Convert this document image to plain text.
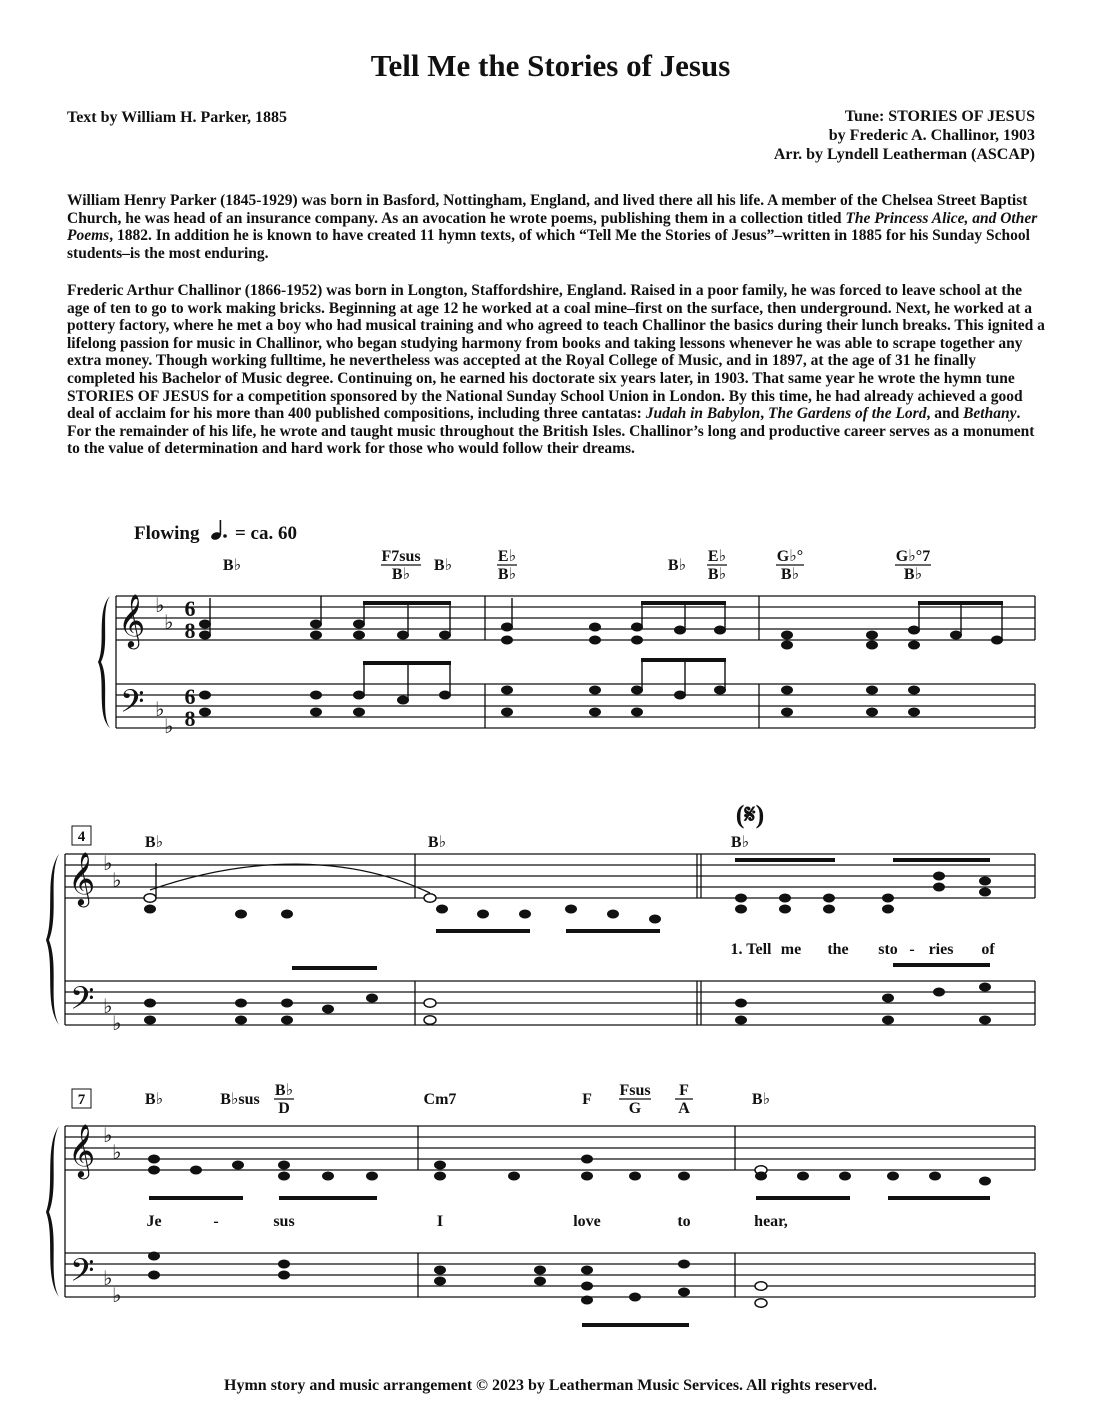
Tell Me the Stories of Jesus
Text by William H. Parker, 1885	Tune: STORIES OF JESUS
by Frederic A. Challinor, 1903
Arr. by Lyndell Leatherman (ASCAP)
William Henry Parker (1845-1929) was born in Basford, Nottingham, England, and lived there all his life. A member of the Chelsea Street Baptist Church, he was head of an insurance company. As an avocation he wrote poems, publishing them in a collection titled The Princess Alice, and Other Poems, 1882. In addition he is known to have created 11 hymn texts, of which “Tell Me the Stories of Jesus”–written in 1885 for his Sunday School students–is the most enduring.
Frederic Arthur Challinor (1866-1952) was born in Longton, Staffordshire, England. Raised in a poor family, he was forced to leave school at the age of ten to go to work making bricks. Beginning at age 12 he worked at a coal mine–first on the surface, then underground. Next, he worked at a pottery factory, where he met a boy who had musical training and who agreed to teach Challinor the basics during their lunch breaks. This ignited a lifelong passion for music in Challinor, who began studying harmony from books and taking lessons whenever he was able to scrape together any extra money. Though working fulltime, he nevertheless was accepted at the Royal College of Music, and in 1897, at the age of 31 he finally completed his Bachelor of Music degree. Continuing on, he earned his doctorate six years later, in 1903. That same year he wrote the hymn tune STORIES OF JESUS for a competition sponsored by the National Sunday School Union in London. By this time, he had already achieved a good deal of acclaim for his more than 400 published compositions, including three cantatas: Judah in Babylon, The Gardens of the Lord, and Bethany. For the remainder of his life, he wrote and taught music throughout the British Isles. Challinor’s long and productive career serves as a monument to the value of determination and hard work for those who would follow their dreams.
Flowing = ca. 60
𝄞
𝄢
𝄞
𝄢
𝄞
𝄢
♭
♭
♭
♭
♭
♭
♭
♭
♭
♭
♭
♭
6
8
6
8
4
7
(𝄋)
B♭
F7sus
B♭
B♭
E♭
B♭
B♭
E♭
B♭
G♭°
B♭
G♭°7
B♭
B♭	B♭	B♭
B♭	B♭sus
B♭
D
Cm7	F
Fsus
G
F
A
B♭
1. Tell me the sto - ries of
Je	-	sus	I	love	to	hear,
Hymn story and music arrangement © 2023 by Leatherman Music Services. All rights reserved.
